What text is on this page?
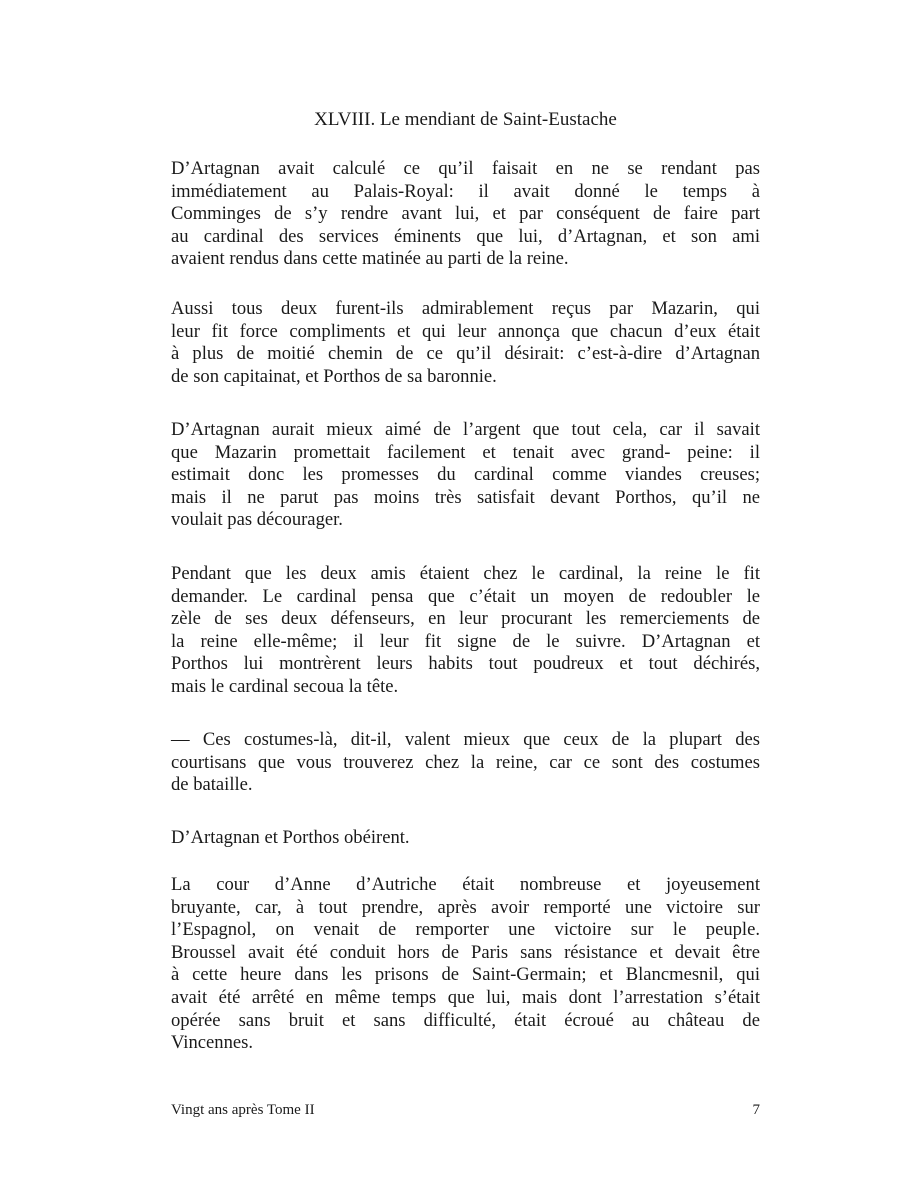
XLVIII. Le mendiant de Saint-Eustache

D’Artagnan avait calculé ce qu’il faisait en ne se rendant pas
immédiatement au Palais-Royal: il avait donné le temps à
Comminges de s’y rendre avant lui, et par conséquent de faire part
au cardinal des services éminents que lui, d’Artagnan, et son ami
avaient rendus dans cette matinée au parti de la reine.

Aussi tous deux furent-ils admirablement reçus par Mazarin, qui
leur fit force compliments et qui leur annonça que chacun d’eux était
à plus de moitié chemin de ce qu’il désirait: c’est-à-dire d’Artagnan
de son capitainat, et Porthos de sa baronnie.

D’Artagnan aurait mieux aimé de l’argent que tout cela, car il savait
que Mazarin promettait facilement et tenait avec grand- peine: il
estimait donc les promesses du cardinal comme viandes creuses;
mais il ne parut pas moins très satisfait devant Porthos, qu’il ne
voulait pas décourager.

Pendant que les deux amis étaient chez le cardinal, la reine le fit
demander. Le cardinal pensa que c’était un moyen de redoubler le
zèle de ses deux défenseurs, en leur procurant les remerciements de
la reine elle-même; il leur fit signe de le suivre. D’Artagnan et
Porthos lui montrèrent leurs habits tout poudreux et tout déchirés,
mais le cardinal secoua la tête.

— Ces costumes-là, dit-il, valent mieux que ceux de la plupart des
courtisans que vous trouverez chez la reine, car ce sont des costumes
de bataille.

D’Artagnan et Porthos obéirent.

La cour d’Anne d’Autriche était nombreuse et joyeusement
bruyante, car, à tout prendre, après avoir remporté une victoire sur
l’Espagnol, on venait de remporter une victoire sur le peuple.
Broussel avait été conduit hors de Paris sans résistance et devait être
à cette heure dans les prisons de Saint-Germain; et Blancmesnil, qui
avait été arrêté en même temps que lui, mais dont l’arrestation s’était
opérée sans bruit et sans difficulté, était écroué au château de
Vincennes.

Vingt ans après Tome II	7
